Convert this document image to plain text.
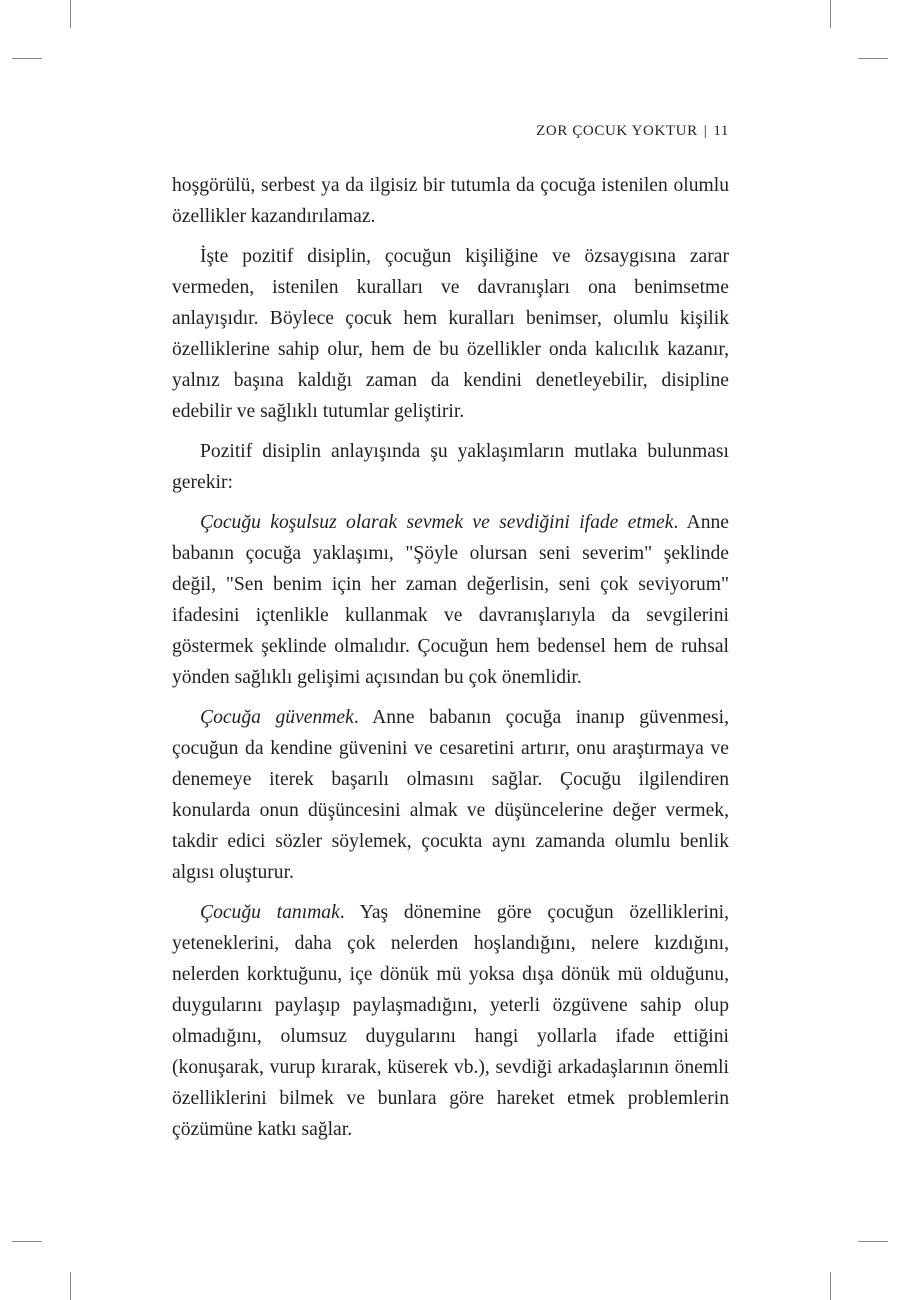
ZOR ÇOCUK YOKTUR | 11

hoşgörülü, serbest ya da ilgisiz bir tutumla da çocuğa istenilen olumlu özellikler kazandırılamaz.

İşte pozitif disiplin, çocuğun kişiliğine ve özsaygısına zarar vermeden, istenilen kuralları ve davranışları ona benimsetme anlayışıdır. Böylece çocuk hem kuralları benimser, olumlu kişilik özelliklerine sahip olur, hem de bu özellikler onda kalıcılık kazanır, yalnız başına kaldığı zaman da kendini denetleyebilir, disipline edebilir ve sağlıklı tutumlar geliştirir.

Pozitif disiplin anlayışında şu yaklaşımların mutlaka bulunması gerekir:

Çocuğu koşulsuz olarak sevmek ve sevdiğini ifade etmek. Anne babanın çocuğa yaklaşımı, "Şöyle olursan seni severim" şeklinde değil, "Sen benim için her zaman değerlisin, seni çok seviyorum" ifadesini içtenlikle kullanmak ve davranışlarıyla da sevgilerini göstermek şeklinde olmalıdır. Çocuğun hem bedensel hem de ruhsal yönden sağlıklı gelişimi açısından bu çok önemlidir.

Çocuğa güvenmek. Anne babanın çocuğa inanıp güvenmesi, çocuğun da kendine güvenini ve cesaretini artırır, onu araştırmaya ve denemeye iterek başarılı olmasını sağlar. Çocuğu ilgilendiren konularda onun düşüncesini almak ve düşüncelerine değer vermek, takdir edici sözler söylemek, çocukta aynı zamanda olumlu benlik algısı oluşturur.

Çocuğu tanımak. Yaş dönemine göre çocuğun özelliklerini, yeteneklerini, daha çok nelerden hoşlandığını, nelere kızdığını, nelerden korktuğunu, içe dönük mü yoksa dışa dönük mü olduğunu, duygularını paylaşıp paylaşmadığını, yeterli özgüvene sahip olup olmadığını, olumsuz duygularını hangi yollarla ifade ettiğini (konuşarak, vurup kırarak, küserek vb.), sevdiği arkadaşlarının önemli özelliklerini bilmek ve bunlara göre hareket etmek problemlerin çözümüne katkı sağlar.
